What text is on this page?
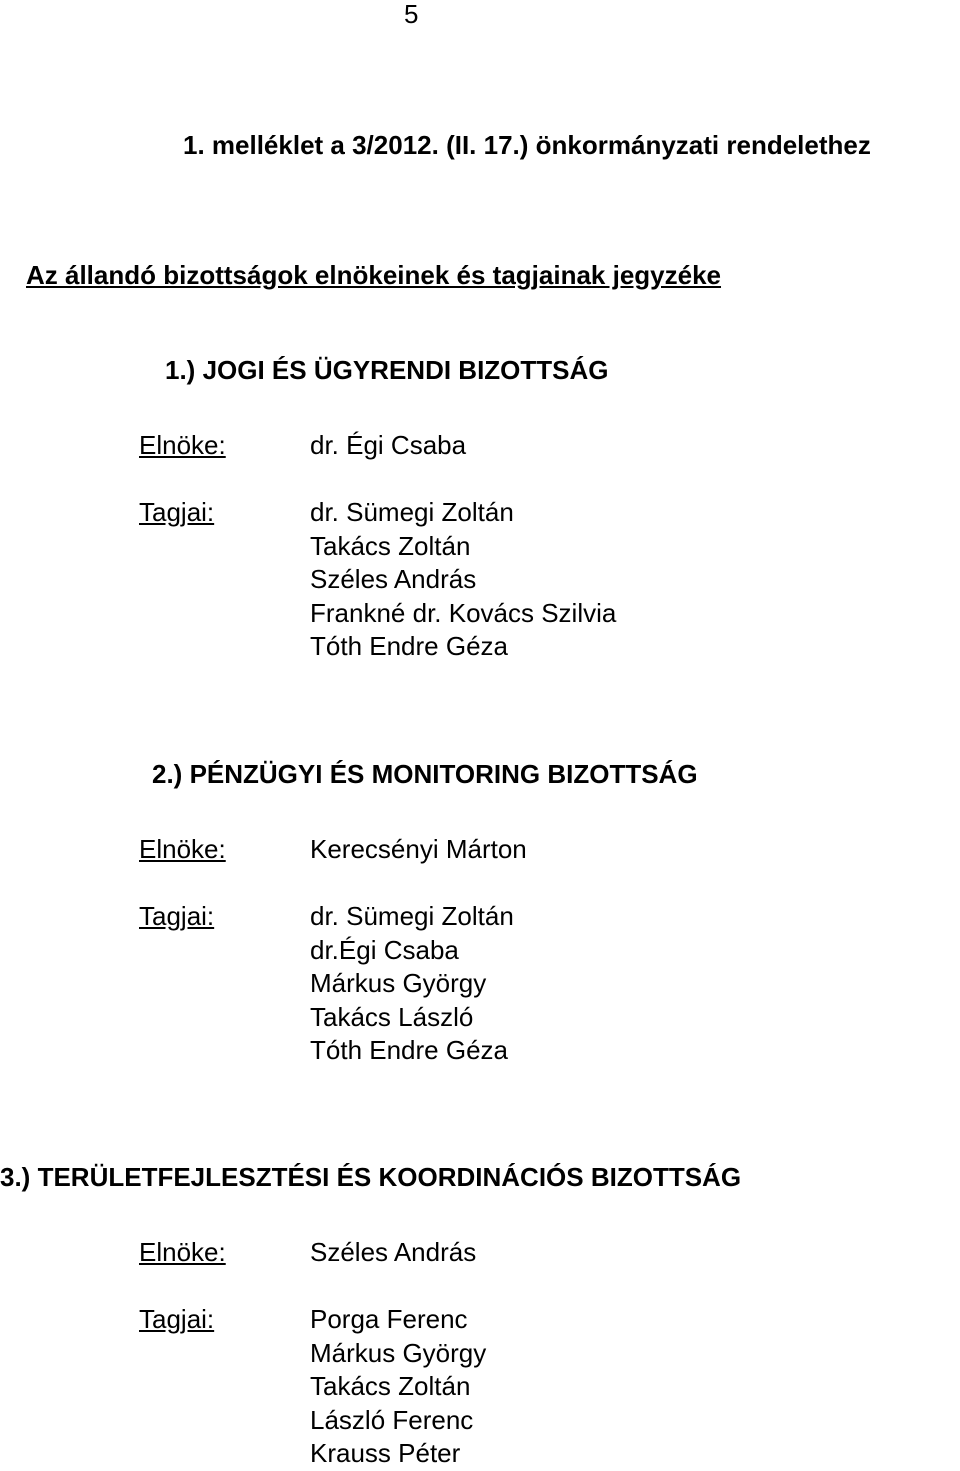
5
1. melléklet a 3/2012. (II. 17.) önkormányzati rendelethez
Az állandó bizottságok elnökeinek és tagjainak jegyzéke
1.) JOGI ÉS ÜGYRENDI BIZOTTSÁG
Elnöke:	dr. Égi Csaba
Tagjai:	dr. Sümegi Zoltán
Takács Zoltán
Széles András
Frankné dr. Kovács Szilvia
Tóth Endre Géza
2.) PÉNZÜGYI ÉS MONITORING BIZOTTSÁG
Elnöke:	Kerecsényi Márton
Tagjai:	dr. Sümegi Zoltán
dr.Égi Csaba
Márkus György
Takács László
Tóth Endre Géza
3.) TERÜLETFEJLESZTÉSI ÉS KOORDINÁCIÓS BIZOTTSÁG
Elnöke:	Széles András
Tagjai:	Porga Ferenc
Márkus György
Takács Zoltán
László Ferenc
Krauss Péter
